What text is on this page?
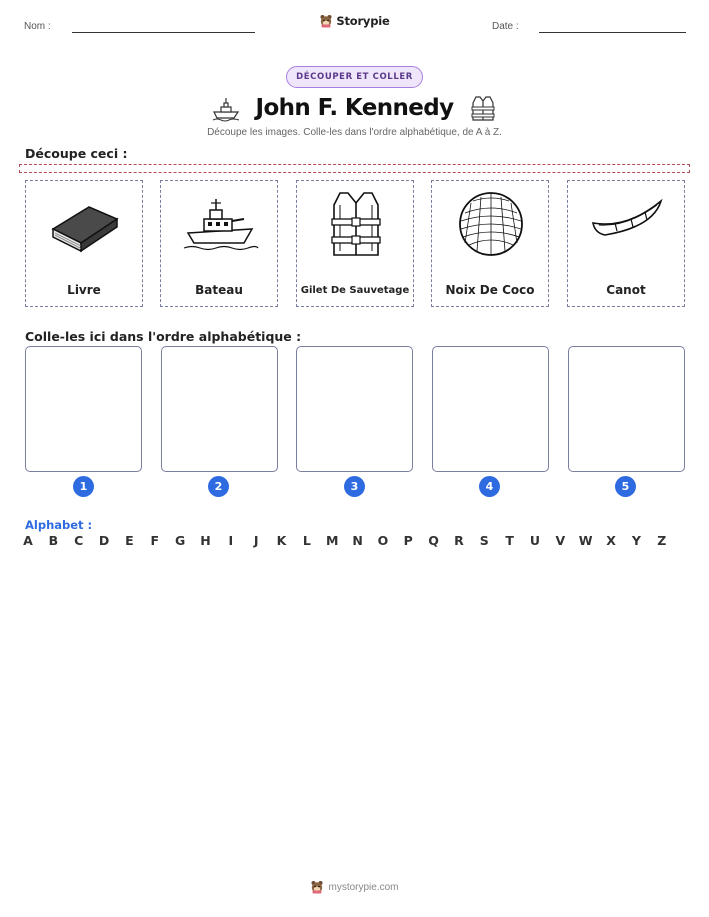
Nom :	Storypie	Date :
DÉCOUPER ET COLLER
John F. Kennedy
Découpe les images. Colle-les dans l'ordre alphabétique, de A à Z.
Découpe ceci :
Livre	Bateau	Gilet De Sauvetage	Noix De Coco	Canot
Colle-les ici dans l'ordre alphabétique :
1	2	3	4	5
Alphabet :
A	B	C	D	E	F	G	H	I	J	K	L	M	N	O	P	Q	R	S	T	U	V	W	X	Y	Z
mystorypie.com
